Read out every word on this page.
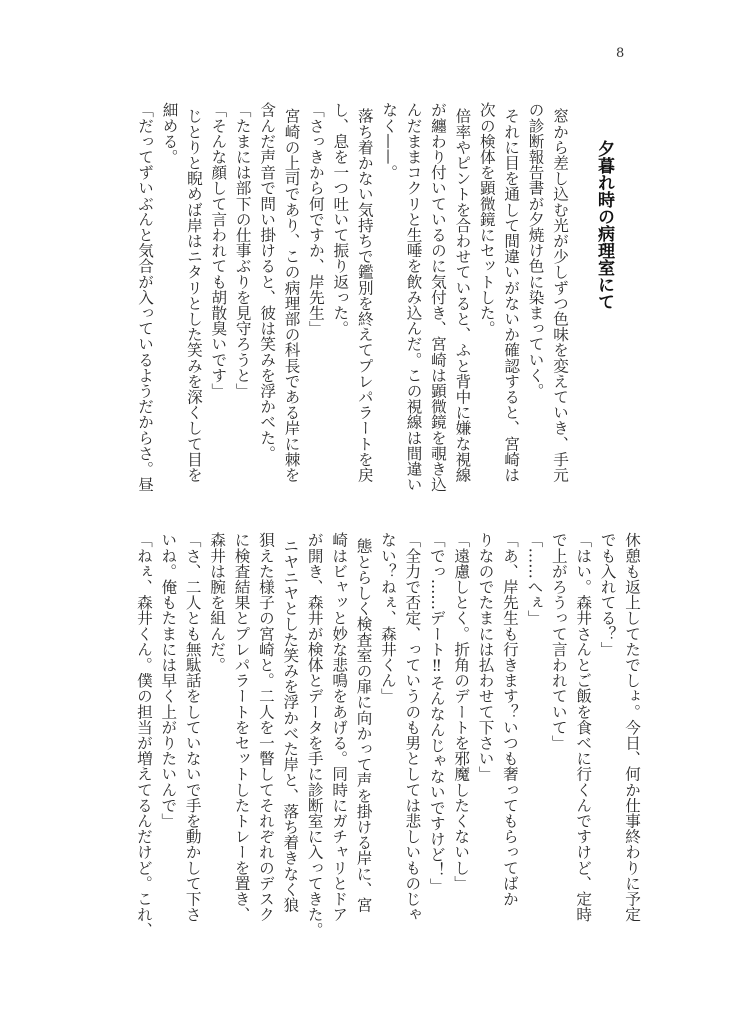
8
夕暮れ時の病理室にて
窓から差し込む光が少しずつ色味を変えていき、手元
の診断報告書が夕焼け色に染まっていく。
それに目を通して間違いがないか確認すると、宮崎は
次の検体を顕微鏡にセットした。
倍率やピントを合わせていると、ふと背中に嫌な視線
が纏わり付いているのに気付き、宮崎は顕微鏡を覗き込
んだままコクリと生唾を飲み込んだ。この視線は間違い
なく——。
落ち着かない気持ちで鑑別を終えてプレパラートを戻
し、息を一つ吐いて振り返った。
「さっきから何ですか、岸先生」
宮崎の上司であり、この病理部の科長である岸に棘を
含んだ声音で問い掛けると、彼は笑みを浮かべた。
「たまには部下の仕事ぶりを見守ろうと」
「そんな顔して言われても胡散臭いです」
じとりと睨めば岸はニタリとした笑みを深くして目を
細める。
「だってずいぶんと気合が入っているようだからさ。昼
休憩も返上してたでしょ。今日、何か仕事終わりに予定
でも入れてる？」
「はい。森井さんとご飯を食べに行くんですけど、定時
で上がろうって言われていて」
「……へぇ」
「あ、岸先生も行きます？いつも奢ってもらってばか
りなのでたまには払わせて下さい」
「遠慮しとく。折角のデートを邪魔したくないし」
「でっ……デート‼そんなんじゃないですけど！」
「全力で否定、っていうのも男としては悲しいものじゃ
ない？ねぇ、森井くん」
態とらしく検査室の扉に向かって声を掛ける岸に、宮
崎はビャッと妙な悲鳴をあげる。同時にガチャリとドア
が開き、森井が検体とデータを手に診断室に入ってきた。
ニヤニヤとした笑みを浮かべた岸と、落ち着きなく狼
狽えた様子の宮崎と。二人を一瞥してそれぞれのデスク
に検査結果とプレパラートをセットしたトレーを置き、
森井は腕を組んだ。
「さ、二人とも無駄話をしていないで手を動かして下さ
いね。俺もたまには早く上がりたいんで」
「ねぇ、森井くん。僕の担当が増えてるんだけど。これ、
